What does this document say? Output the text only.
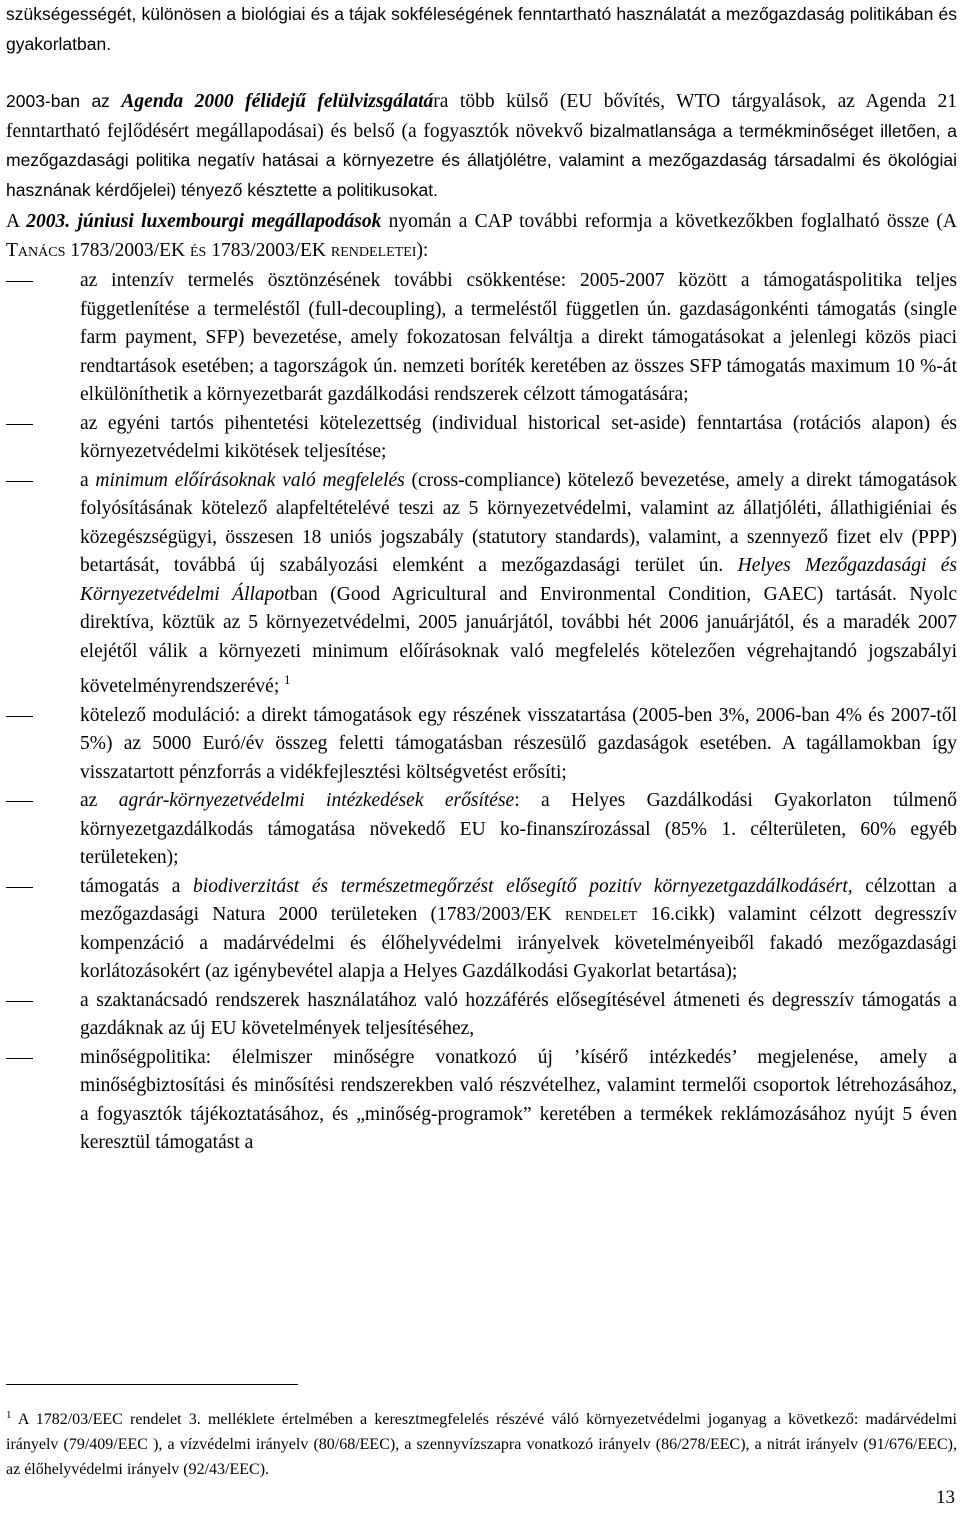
szükségességét, különösen a biológiai és a tájak sokféleségének fenntartható használatát a mezőgazdaság politikában és gyakorlatban.

2003-ban az Agenda 2000 félidejű felülvizsgálatára több külső (EU bővítés, WTO tárgyalások, az Agenda 21 fenntartható fejlődésért megállapodásai) és belső (a fogyasztók növekvő bizalmatlansága a termékminőséget illetően, a mezőgazdasági politika negatív hatásai a környezetre és állatjólétre, valamint a mezőgazdaság társadalmi és ökológiai hasznának kérdőjelei) tényező késztette a politikusokat.

A 2003. júniusi luxembourgi megállapodások nyomán a CAP további reformja a következőkben foglalható össze (A Tanács 1783/2003/EK és 1783/2003/EK rendeletei):

az intenzív termelés ösztönzésének további csökkentése: 2005-2007 között a támogatáspolitika teljes függetlenítése a termeléstől (full-decoupling), a termeléstől független ún. gazdaságonkénti támogatás (single farm payment, SFP) bevezetése, amely fokozatosan felváltja a direkt támogatásokat a jelenlegi közös piaci rendtartások esetében; a tagországok ún. nemzeti boríték keretében az összes SFP támogatás maximum 10 %-át elkülöníthetik a környezetbarát gazdálkodási rendszerek célzott támogatására;
az egyéni tartós pihentetési kötelezettség (individual historical set-aside) fenntartása (rotációs alapon) és környezetvédelmi kikötések teljesítése;
a minimum előírásoknak való megfelelés (cross-compliance) kötelező bevezetése, amely a direkt támogatások folyósításának kötelező alapfeltételévé teszi az 5 környezetvédelmi, valamint az állatjóléti, állathigiéniai és közegészségügyi, összesen 18 uniós jogszabály (statutory standards), valamint, a szennyező fizet elv (PPP) betartását, továbbá új szabályozási elemként a mezőgazdasági terület ún. Helyes Mezőgazdasági és Környezetvédelmi Állapotban (Good Agricultural and Environmental Condition, GAEC) tartását. Nyolc direktíva, köztük az 5 környezetvédelmi, 2005 januárjától, további hét 2006 januárjától, és a maradék 2007 elejétől válik a környezeti minimum előírásoknak való megfelelés kötelezően végrehajtandó jogszabályi követelményrendszerévé; $^1$
kötelező moduláció: a direkt támogatások egy részének visszatartása (2005-ben 3%, 2006-ban 4% és 2007-től 5%) az 5000 Euró/év összeg feletti támogatásban részesülő gazdaságok esetében. A tagállamokban így visszatartott pénzforrás a vidékfejlesztési költségvetést erősíti;
az agrár-környezetvédelmi intézkedések erősítése: a Helyes Gazdálkodási Gyakorlaton túlmenő környezetgazdálkodás támogatása növekedő EU ko-finanszírozással (85% 1. célterületen, 60% egyéb területeken);
támogatás a biodiverzitást és természetmegőrzést elősegítő pozitív környezetgazdálkodásért, célzottan a mezőgazdasági Natura 2000 területeken (1783/2003/EK rendelet 16.cikk) valamint célzott degresszív kompenzáció a madárvédelmi és élőhelyvédelmi irányelvek követelményeiből fakadó mezőgazdasági korlátozásokért (az igénybevétel alapja a Helyes Gazdálkodási Gyakorlat betartása);
a szaktanácsadó rendszerek használatához való hozzáférés elősegítésével átmeneti és degresszív támogatás a gazdáknak az új EU követelmények teljesítéséhez,
minőségpolitika: élelmiszer minőségre vonatkozó új ’kísérő intézkedés’ megjelenése, amely a minőségbiztosítási és minősítési rendszerekben való részvételhez, valamint termelői csoportok létrehozásához, a fogyasztók tájékoztatásához, és „minőség-programok” keretében a termékek reklámozásához nyújt 5 éven keresztül támogatást a
$^1$ A 1782/03/EEC rendelet 3. melléklete értelmében a keresztmegfelelés részévé váló környezetvédelmi joganyag a következő: madárvédelmi irányelv (79/409/EEC ), a vízvédelmi irányelv (80/68/EEC), a szennyvízszapra vonatkozó irányelv (86/278/EEC), a nitrát irányelv (91/676/EEC), az élőhelyvédelmi irányelv (92/43/EEC).
13
